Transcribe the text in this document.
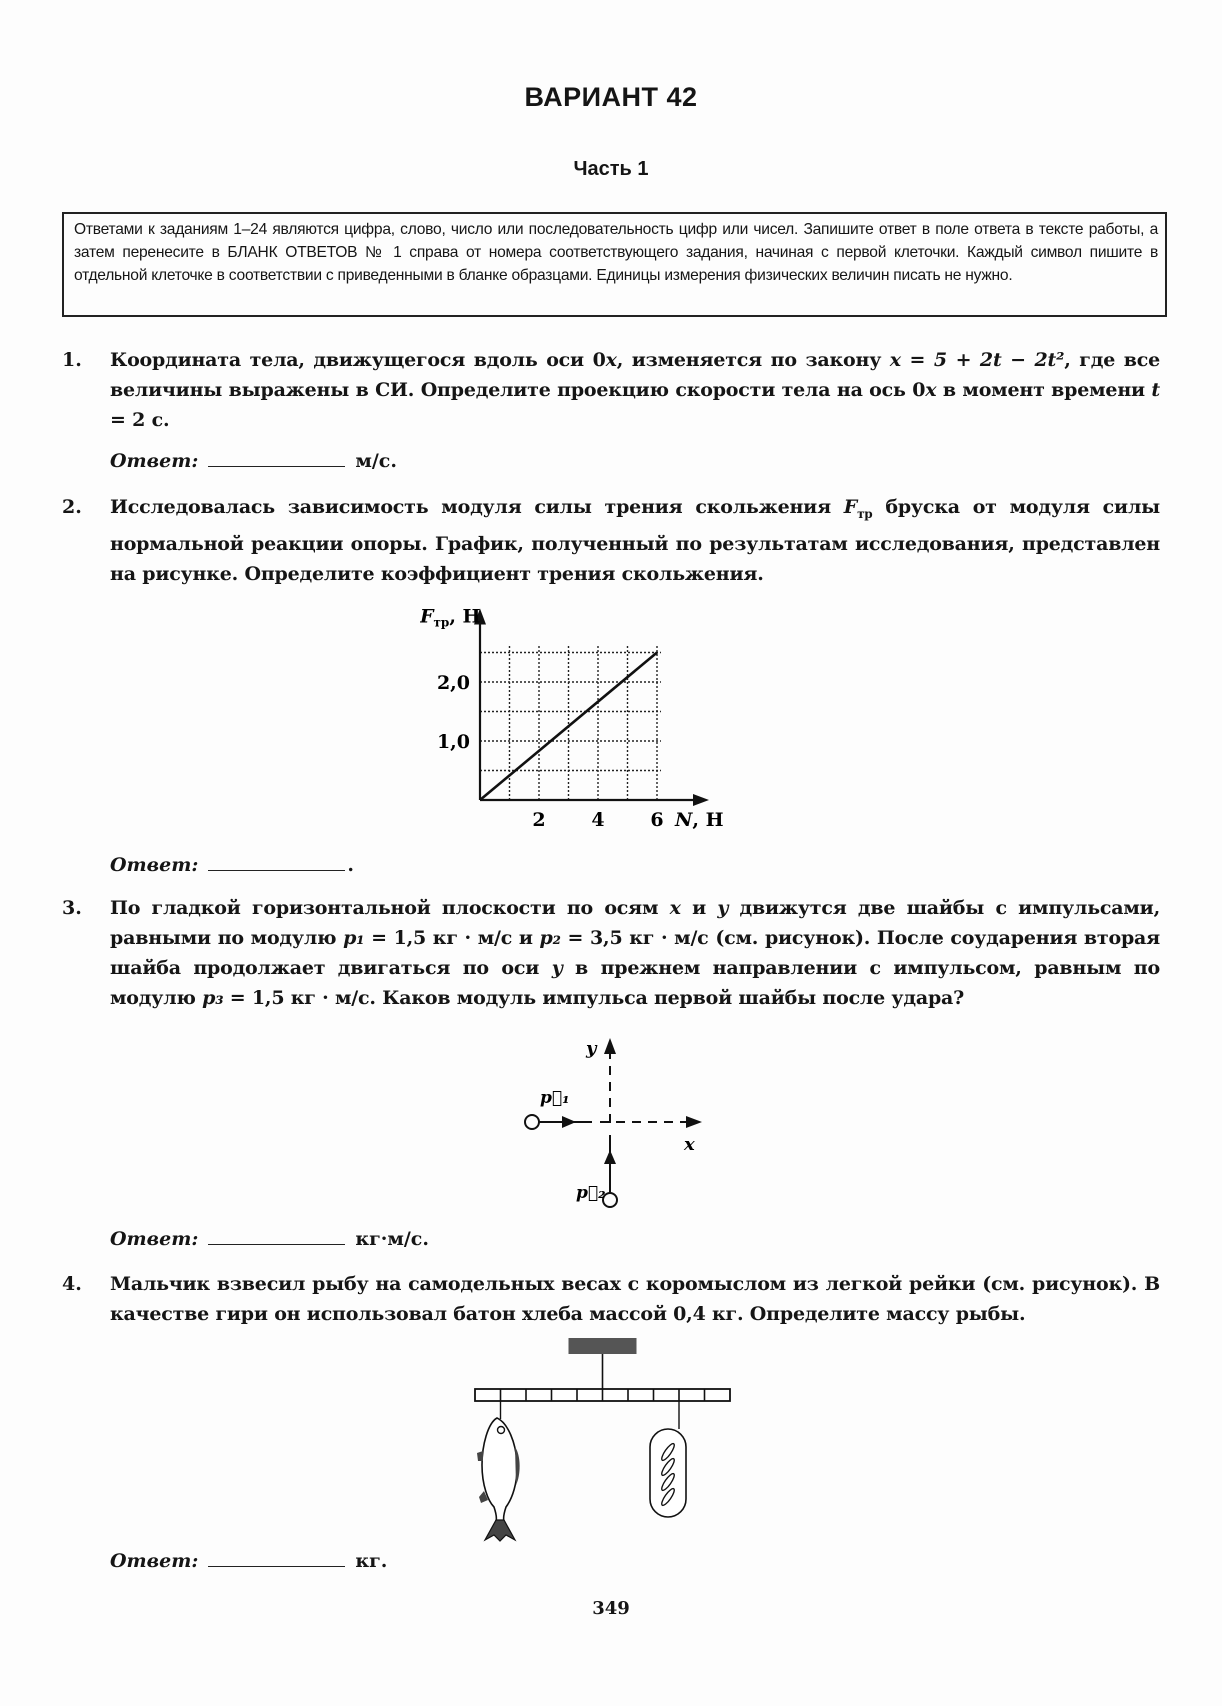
ВАРИАНТ 42
Часть 1
Ответами к заданиям 1–24 являются цифра, слово, число или последовательность цифр или чисел. Запишите ответ в поле ответа в тексте работы, а затем перенесите в БЛАНК ОТВЕТОВ № 1 справа от номера соответствующего задания, начиная с первой клеточки. Каждый символ пишите в отдельной клеточке в соответствии с приведенными в бланке образцами. Единицы измерения физических величин писать не нужно.
1. Координата тела, движущегося вдоль оси 0x, изменяется по закону x = 5 + 2t − 2t², где все величины выражены в СИ. Определите проекцию скорости тела на ось 0x в момент времени t = 2 с.
Ответ:	м/с.
2. Исследовалась зависимость модуля силы трения скольжения $F_{тр}$ бруска от модуля силы нормальной реакции опоры. График, полученный по результатам исследования, представлен на рисунке. Определите коэффициент трения скольжения.
2 4 6
1,0
2,0
$F_{тр}$, Н
N, Н
Ответ:	.
3. По гладкой горизонтальной плоскости по осям x и y движутся две шайбы с импульсами, равными по модулю p₁ = 1,5 кг · м/с и p₂ = 3,5 кг · м/с (см. рисунок). После соударения вторая шайба продолжает двигаться по оси y в прежнем направлении с импульсом, равным по модулю p₃ = 1,5 кг · м/с. Каков модуль импульса первой шайбы после удара?
y
x
p⃗₁
p⃗₂
Ответ:	кг·м/с.
4. Мальчик взвесил рыбу на самодельных весах с коромыслом из легкой рейки (см. рисунок). В качестве гири он использовал батон хлеба массой 0,4 кг. Определите массу рыбы.
Ответ:	кг.
349
